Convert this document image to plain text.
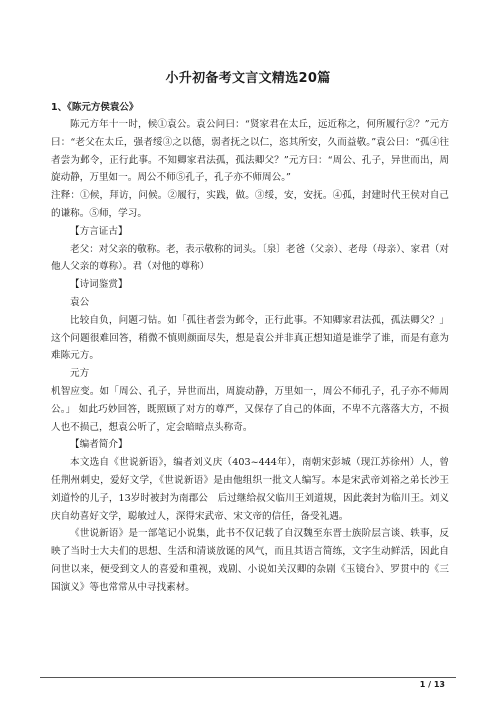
小升初备考文言文精选20篇
1、《陈元方侯袁公》

陈元方年十一时，候①袁公。袁公问曰：“贤家君在太丘，远近称之，何所履行②？”元方曰：“老父在太丘，强者绥③之以德，弱者抚之以仁，恣其所安，久而益敬。”袁公曰：“孤④往者尝为邺令，正行此事。不知卿家君法孤，孤法卿父？”元方曰：“周公、孔子，异世而出，周旋动静，万里如一。周公不师⑤孔子，孔子亦不师周公。”

注释：①候，拜访，问候。②履行，实践，做。③绥，安，安抚。④孤，封建时代王侯对自己的谦称。⑤师，学习。

【方言证古】

老父：对父亲的敬称。老，表示敬称的词头。〔泉〕老爸（父亲）、老母（母亲）、家君（对他人父亲的尊称）。君（对他的尊称）

【诗词鉴赏】

袁公

比较自负，问题刁钻。如「孤往者尝为邺令，正行此事。不知卿家君法孤，孤法卿父？」这个问题很难回答，稍微不慎则颜面尽失，想是袁公并非真正想知道是谁学了谁，而是有意为难陈元方。

元方

机智应变。如「周公、孔子，异世而出，周旋动静，万里如一，周公不师孔子，孔子亦不师周公。」 如此巧妙回答，既照顾了对方的尊严，又保存了自己的体面，不卑不亢落落大方，不损人也不损己，想袁公听了，定会暗暗点头称奇。

【编者简介】

本文选自《世说新语》，编者刘义庆（403~444年），南朝宋彭城（现江苏徐州）人，曾任荆州刺史，爱好文学，《世说新语》是由他组织一批文人编写。本是宋武帝刘裕之弟长沙王刘道怜的儿子，13岁时被封为南郡公　后过继给叔父临川王刘道规，因此袭封为临川王。刘义庆自幼喜好文学，聪敏过人，深得宋武帝、宋文帝的信任，备受礼遇。

《世说新语》是一部笔记小说集，此书不仅记载了自汉魏至东晋士族阶层言谈、轶事，反映了当时士大夫们的思想、生活和清谈放诞的风气，而且其语言简练，文字生动鲜活，因此自问世以来，便受到文人的喜爱和重视，戏剧、小说如关汉卿的杂剧《玉镜台》、罗贯中的《三国演义》等也常常从中寻找素材。

1 / 13
